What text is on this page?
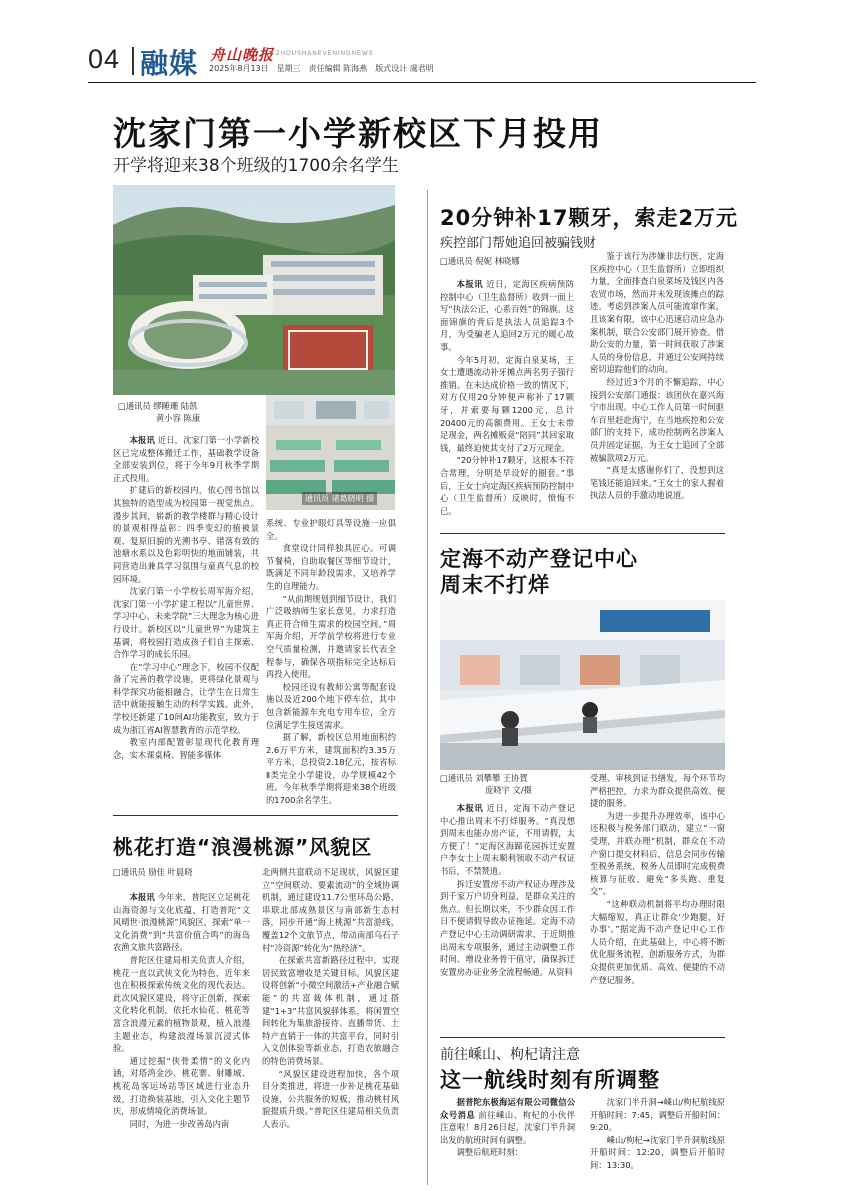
04 融媒 舟山晚报 ZHOUSHANEVENINGNEWS
2025年8月13日 星期三 责任编辑 陈海燕 版式设计 虞君明
沈家门第一小学新校区下月投用
开学将迎来38个班级的1700余名学生
通讯员 诸葛晓明 摄
□通讯员 缪睡珊 陆凯
黄小容 陈康

本报讯 近日，沈家门第一小学新校区已完成整体搬迁工作，基础教学设备全部安装到位，将于今年9月秋季学期正式投用。

扩建后的新校园内，依心图书馆以其独特的造型成为校园第一视觉焦点。漫步其间，崭新的教学楼群与精心设计的景观相得益彰：四季变幻的植被景观、复原旧貌的光溯书亭、错落有致的池塘水系以及色彩明快的地面铺装，共同营造出兼具学习氛围与童真气息的校园环境。

沈家门第一小学校长周军海介绍，沈家门第一小学扩建工程以“儿童世界、学习中心、未来学院”三大理念为核心进行设计。新校区以“儿童世界”为建筑主基调，将校园打造成孩子们自主探索、合作学习的成长乐园。

在“学习中心”理念下，校园不仅配备了完善的教学设施，更将绿化景观与科学探究功能相融合，让学生在日常生活中就能接触生动的科学实践。此外，学校还新建了10间AI功能教室，致力于成为浙江省AI智慧教育的示范学校。

教室内部配置彰显现代化教育理念，实木课桌椅、智能多媒体

系统、专业护眼灯具等设施一应俱全。

食堂设计同样独具匠心。可调节餐椅，自助取餐区等细节设计，既满足不同年龄段需求，又培养学生的自理能力。

“从前期规划到细节设计，我们广泛吸纳师生家长意见，力求打造真正符合师生需求的校园空间。”周军海介绍，开学前学校将进行专业空气质量检测，并邀请家长代表全程参与，确保各项指标完全达标后再投入使用。

校园还设有教师公寓等配套设施以及近200个地下停车位，其中包含新能源车充电专用车位，全方位满足学生接送需求。

据了解，新校区总用地面积约2.6万平方米，建筑面积约3.35万平方米，总投资2.18亿元，按省标Ⅱ类完全小学建设，办学规模42个班。今年秋季学期将迎来38个班级的1700余名学生。

20分钟补17颗牙，索走2万元
疾控部门帮她追回被骗钱财
□通讯员 倪妮 林晓娜

本报讯 近日，定海区疾病预防控制中心（卫生监督所）收到一面上写“执法公正，心系百姓”的锦旗。这面锦旗的背后是执法人员追踪3个月，为受骗老人追回2万元的暖心故事。

今年5月初，定海白泉某场，王女士遭遇流动补牙摊点两名男子强行推销。在未达成价格一致的情况下，对方仅用20分钟便声称补了17颗牙，并索要每颗1200元，总计20400元的高额费用。王女士未带足现金，两名摊贩竟“陪同”其回家取钱，最终迫使其支付了2万元现金。

“20分钟补17颗牙，这根本不符合常理，分明是早设好的圈套。”事后，王女士向定海区疾病预防控制中心（卫生监督所）反映时，愤悔不已。

鉴于该行为涉嫌非法行医，定海区疾控中心（卫生监督所）立即组织力量，全面排查白泉菜场及钱区内各农贸市场，然而并未发现该摊点的踪迹。考虑到涉案人员可能流窜作案，且该案有限，该中心迅速启动应急办案机制，联合公安部门展开协查。借助公安的力量，第一时间获取了涉案人员的身份信息，并通过公安网持续密切追踪他们的动向。

经过近3个月的不懈追踪，中心接到公安部门通报：该团伙在嘉兴海宁市出现。中心工作人员第一时间驱车百里赶赴海宁，在当地疾控和公安部门的支持下，成功控制两名涉案人员并固定证据，为王女士追回了全部被骗款项2万元。

“真是太感谢你们了，没想到这笔钱还能追回来。”王女士的家人握着执法人员的手激动地说道。

定海不动产登记中心
周末不打烊
□通讯员 刘攀攀 王协賀
庞晓宇 文/摄

本报讯 近日，定海不动产登记中心推出周末不打烊服务。“真没想到周末也能办房产证，不用请假，太方便了！”定海区海蹄花园拆迁安置户李女士上周末顺利领取不动产权证书后，不禁赞道。

拆迁安置房不动产权证办理涉及到千家万户切身利益，是群众关注的焦点。但长期以来，不少群众因工作日不便请假导致办证拖延。定海不动产登记中心主动调研需求，于近期推出周末专项服务，通过主动调整工作时间、增设业务骨干值守，确保拆迁安置房办证业务全流程畅通。从资料

受理、审核到证书缮发，每个环节均严格把控，力求为群众提供高效、便捷的服务。

为进一步提升办理效率，该中心还积极与税务部门联动，建立“一窗受理，并联办理”机制，群众在不动产窗口提交材料后，信息会同步传输至税务系统，税务人员即时完成税费核算与征收，避免“多头跑、重复交”。

“这种联动机制将平均办理时限大幅缩短，真正让群众‘少跑腿，好办事’。”据定海不动产登记中心工作人员介绍，在此基础上，中心将不断优化服务流程，创新服务方式，为群众提供更加优质、高效、便捷的不动产登记服务。

前往嵊山、枸杞请注意
这一航线时刻有所调整

据普陀东极海运有限公司微信公众号消息 前往嵊山、枸杞的小伙伴注意啦！8月26日起，沈家门半升洞出发的航班时间有调整。

调整后航班时刻：

沈家门半升洞→嵊山/枸杞航线原开船时间：7:45，调整后开船时间：9:20。

嵊山/枸杞→沈家门半升洞航线原开船时间：12:20，调整后开船时间：13:30。

桃花打造“浪漫桃源”风貌区
□通讯员 励佳 叶晨晓

本报讯 今年来，普陀区立足桃花山海资源与文化底蕴，打造普陀“文风晴世·浪漫桃源”风貌区，探索“单一文化消费”到“共富价值合鸣”的海岛农渔文旅共富路径。

普陀区住建局相关负责人介绍，桃花一直以武侠文化为特色，近年来也在积极探索传统文化的现代表达。此次风貌区建设，将守正创新，探索文化转化机制，依托水仙花、桃花等富含浪漫元素的植物景观，植入浪漫主题业态，构建浪漫场景沉浸式体验。

通过挖掘“侠骨柔情”的文化内涵，对塔湾金沙、桃花寨、射雕城、桃花岛客运场站等区域进行业态升级，打造换装基地，引入文化主题节庆，形成情境化消费场景。

同时，为进一步改善岛内南

北两侧共富联动不足现状，风貌区建立“空间联动、要素流动”的全域协调机制，通过建设11.7公里环岛公路，串联北部成熟景区与南部新生态村落，同步开通“海上桃源”共富游线，覆盖12个文旅节点，带动南部乌石子村“冷资源”转化为“热经济”。

在探索共富新路径过程中，实现居民致富增收是关键目标。风貌区建设将创新“小微空间激活+产业融合赋能”的共富裁体机制，通过搭建“1+3”共富风貌驿体系，将闲置空间转化为集旅游接待、直播带货、土特产直销于一体的共富平台，同时引入文创体验等新业态，打造农旅融合的特色消费场景。

“风貌区建设进程加快，各个项目分类推进，将进一步补足桃花基础设施，公共服务的短板，推动桃村风貌提质升级。”普陀区住建局相关负责人表示。
